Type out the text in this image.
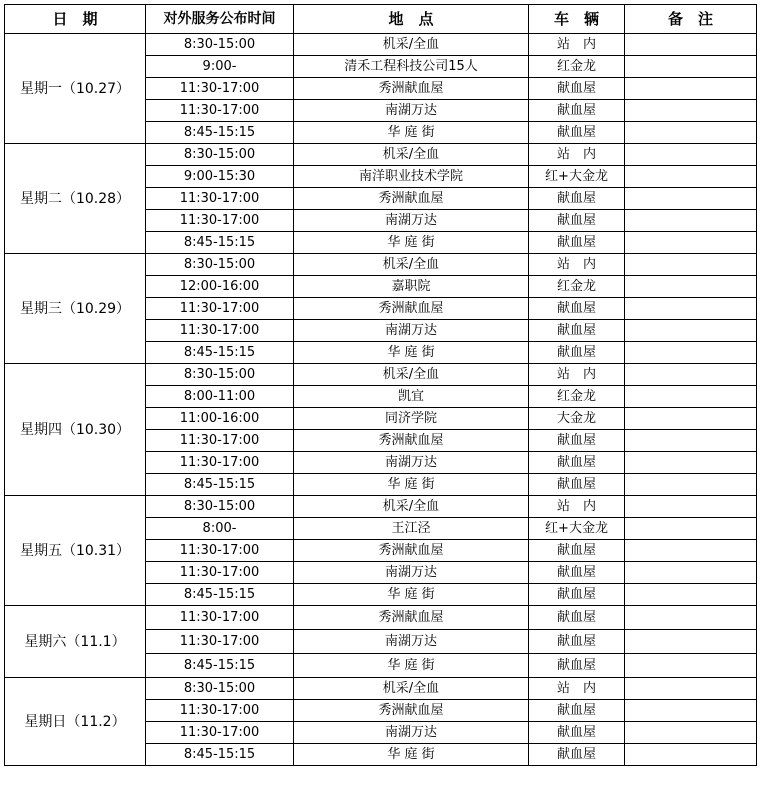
日　期	对外服务公布时间	地　点	车　辆	备　注
星期一（10.27）	8:30-15:00	机采/全血	站　内	
	9:00-	清禾工程科技公司15人	红金龙	
	11:30-17:00	秀洲献血屋	献血屋	
	11:30-17:00	南湖万达	献血屋	
	8:45-15:15	华 庭 街	献血屋	
星期二（10.28）	8:30-15:00	机采/全血	站　内	
	9:00-15:30	南洋职业技术学院	红+大金龙	
	11:30-17:00	秀洲献血屋	献血屋	
	11:30-17:00	南湖万达	献血屋	
	8:45-15:15	华 庭 街	献血屋	
星期三（10.29）	8:30-15:00	机采/全血	站　内	
	12:00-16:00	嘉职院	红金龙	
	11:30-17:00	秀洲献血屋	献血屋	
	11:30-17:00	南湖万达	献血屋	
	8:45-15:15	华 庭 街	献血屋	
星期四（10.30）	8:30-15:00	机采/全血	站　内	
	8:00-11:00	凯宜	红金龙	
	11:00-16:00	同济学院	大金龙	
	11:30-17:00	秀洲献血屋	献血屋	
	11:30-17:00	南湖万达	献血屋	
	8:45-15:15	华 庭 街	献血屋	
星期五（10.31）	8:30-15:00	机采/全血	站　内	
	8:00-	王江泾	红+大金龙	
	11:30-17:00	秀洲献血屋	献血屋	
	11:30-17:00	南湖万达	献血屋	
	8:45-15:15	华 庭 街	献血屋	
星期六（11.1）	11:30-17:00	秀洲献血屋	献血屋	
	11:30-17:00	南湖万达	献血屋	
	8:45-15:15	华 庭 街	献血屋	
星期日（11.2）	8:30-15:00	机采/全血	站　内	
	11:30-17:00	秀洲献血屋	献血屋	
	11:30-17:00	南湖万达	献血屋	
	8:45-15:15	华 庭 街	献血屋	
